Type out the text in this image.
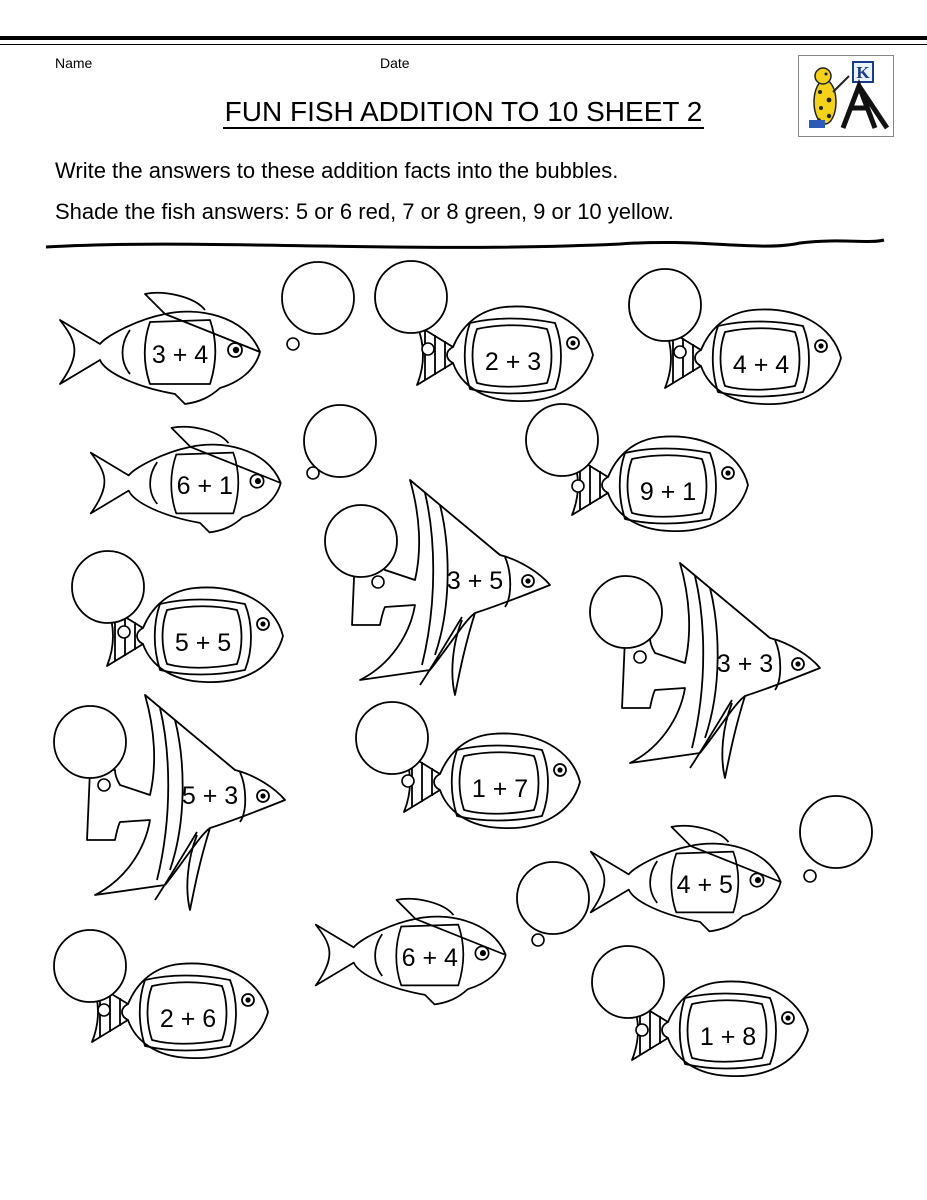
Name	Date
FUN FISH ADDITION TO 10 SHEET 2
Write the answers to these addition facts into the bubbles.
Shade the fish answers: 5 or 6 red, 7 or 8 green, 9 or 10 yellow.
K
3 + 4	2 + 3	4 + 4
6 + 1	9 + 1
3 + 5
5 + 5
3 + 3
5 + 3	1 + 7
4 + 5
6 + 4
2 + 6
1 + 8
